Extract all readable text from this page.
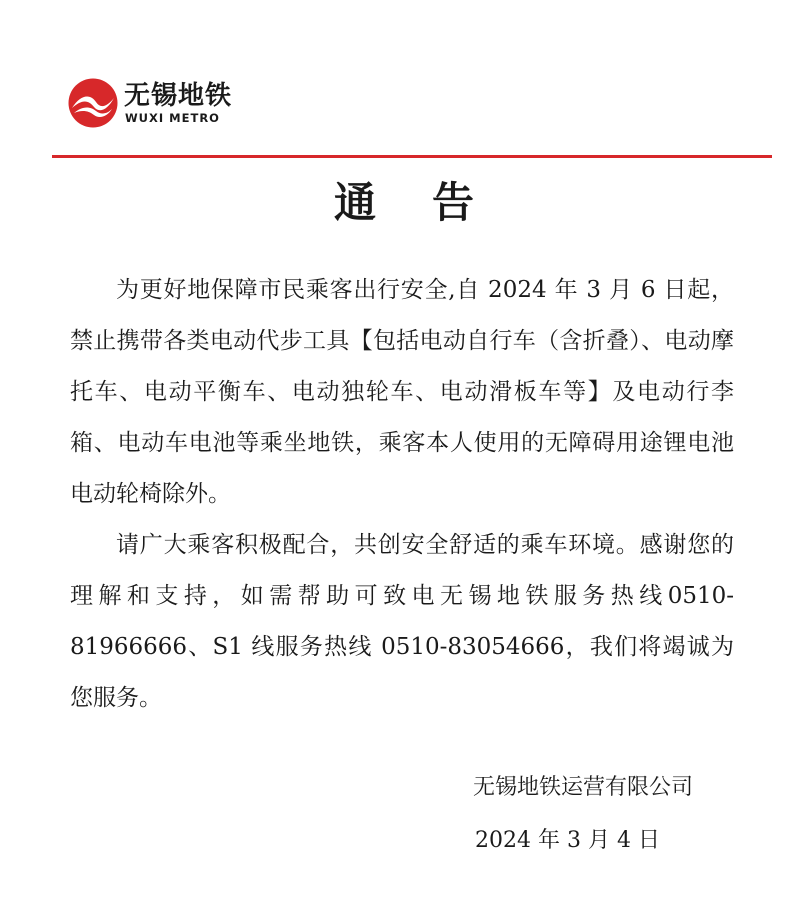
无锡地铁
WUXI METRO
通告

为更好地保障市民乘客出行安全,自 2024 年 3 月 6 日起，禁止携带各类电动代步工具【包括电动自行车（含折叠）、电动摩托车、电动平衡车、电动独轮车、电动滑板车等】及电动行李箱、电动车电池等乘坐地铁，乘客本人使用的无障碍用途锂电池电动轮椅除外。

请广大乘客积极配合，共创安全舒适的乘车环境。感谢您的理解和支持，如需帮助可致电无锡地铁服务热线0510-81966666、S1 线服务热线 0510-83054666，我们将竭诚为您服务。

无锡地铁运营有限公司
2024 年 3 月 4 日
